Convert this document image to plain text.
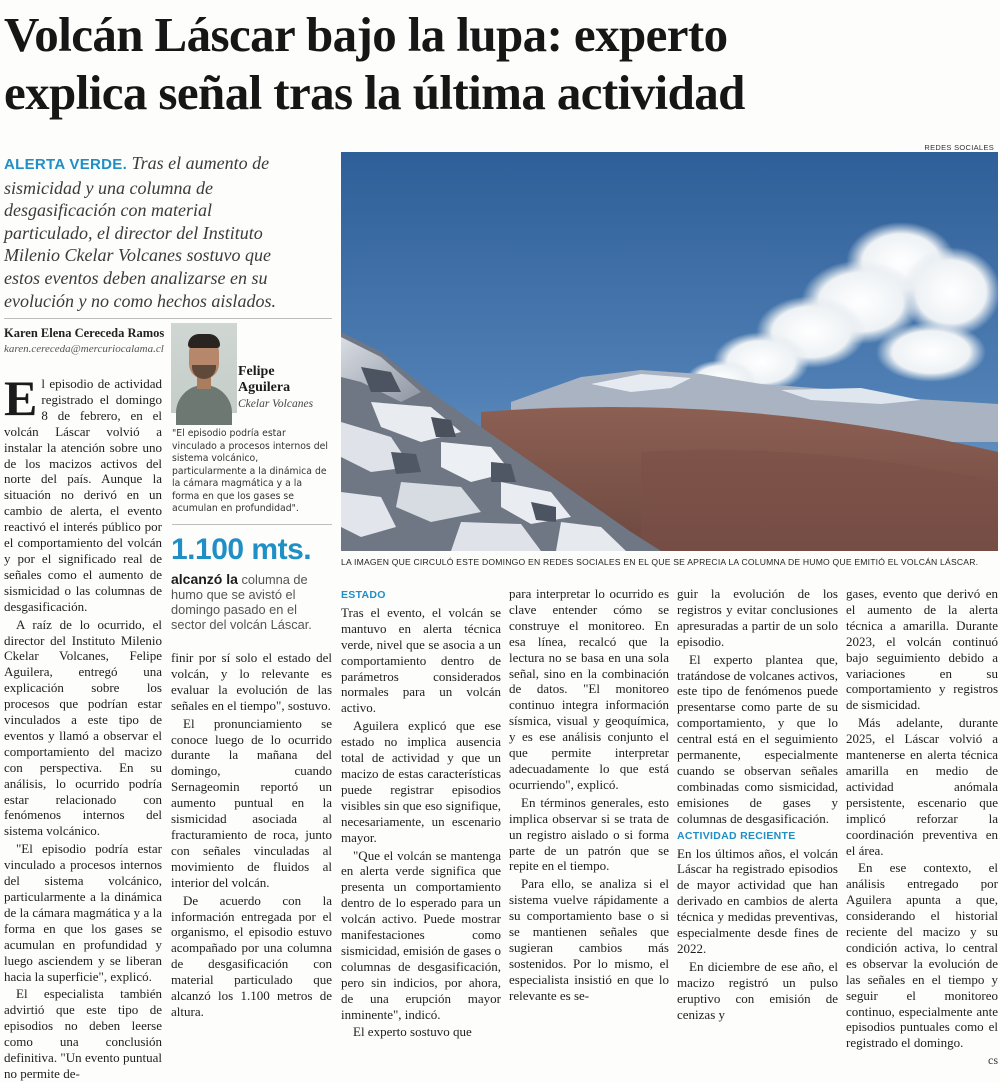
Volcán Láscar bajo la lupa: experto
explica señal tras la última actividad
ALERTA VERDE. Tras el aumento de sismicidad y una columna de desgasificación con material particulado, el director del Instituto Milenio Ckelar Volcanes sostuvo que estos eventos deben analizarse en su evolución y no como hechos aislados.
Karen Elena Cereceda Ramos
karen.cereceda@mercuriocalama.cl
Felipe Aguilera
Ckelar Volcanes
"El episodio podría estar vinculado a procesos internos del sistema volcánico, particularmente a la dinámica de la cámara magmática y a la forma en que los gases se acumulan en profundidad".
1.100 mts.
alcanzó la columna de humo que se avistó el domingo pasado en el sector del volcán Láscar.

El episodio de actividad registrado el domingo 8 de febrero, en el volcán Láscar volvió a instalar la atención sobre uno de los macizos activos del norte del país. Aunque la situación no derivó en un cambio de alerta, el evento reactivó el interés público por el comportamiento del volcán y por el significado real de señales como el aumento de sismicidad o las columnas de desgasificación.

A raíz de lo ocurrido, el director del Instituto Milenio Ckelar Volcanes, Felipe Aguilera, entregó una explicación sobre los procesos que podrían estar vinculados a este tipo de eventos y llamó a observar el comportamiento del macizo con perspectiva. En su análisis, lo ocurrido podría estar relacionado con fenómenos internos del sistema volcánico.

"El episodio podría estar vinculado a procesos internos del sistema volcánico, particularmente a la dinámica de la cámara magmática y a la forma en que los gases se acumulan en profundidad y luego asciendem y se liberan hacia la superficie", explicó.

El especialista también advirtió que este tipo de episodios no deben leerse como una conclusión definitiva. "Un evento puntual no permite de-

finir por sí solo el estado del volcán, y lo relevante es evaluar la evolución de las señales en el tiempo", sostuvo.

El pronunciamiento se conoce luego de lo ocurrido durante la mañana del domingo, cuando Sernageomin reportó un aumento puntual en la sismicidad asociada al fracturamiento de roca, junto con señales vinculadas al movimiento de fluidos al interior del volcán.

De acuerdo con la información entregada por el organismo, el episodio estuvo acompañado por una columna de desgasificación con material particulado que alcanzó los 1.100 metros de altura.

REDES SOCIALES
LA IMAGEN QUE CIRCULÓ ESTE DOMINGO EN REDES SOCIALES EN EL QUE SE APRECIA LA COLUMNA DE HUMO QUE EMITIÓ EL VOLCÁN LÁSCAR.
ESTADO

Tras el evento, el volcán se mantuvo en alerta técnica verde, nivel que se asocia a un comportamiento dentro de parámetros considerados normales para un volcán activo.

Aguilera explicó que ese estado no implica ausencia total de actividad y que un macizo de estas características puede registrar episodios visibles sin que eso signifique, necesariamente, un escenario mayor.

"Que el volcán se mantenga en alerta verde significa que presenta un comportamiento dentro de lo esperado para un volcán activo. Puede mostrar manifestaciones como sismicidad, emisión de gases o columnas de desgasificación, pero sin indicios, por ahora, de una erupción mayor inminente", indicó.

El experto sostuvo que

para interpretar lo ocurrido es clave entender cómo se construye el monitoreo. En esa línea, recalcó que la lectura no se basa en una sola señal, sino en la combinación de datos. "El monitoreo continuo integra información sísmica, visual y geoquímica, y es ese análisis conjunto el que permite interpretar adecuadamente lo que está ocurriendo", explicó.

En términos generales, esto implica observar si se trata de un registro aislado o si forma parte de un patrón que se repite en el tiempo.

Para ello, se analiza si el sistema vuelve rápidamente a su comportamiento base o si se mantienen señales que sugieran cambios más sostenidos. Por lo mismo, el especialista insistió en que lo relevante es se-

guir la evolución de los registros y evitar conclusiones apresuradas a partir de un solo episodio.

El experto plantea que, tratándose de volcanes activos, este tipo de fenómenos puede presentarse como parte de su comportamiento, y que lo central está en el seguimiento permanente, especialmente cuando se observan señales combinadas como sismicidad, emisiones de gases y columnas de desgasificación.

ACTIVIDAD RECIENTE

En los últimos años, el volcán Láscar ha registrado episodios de mayor actividad que han derivado en cambios de alerta técnica y medidas preventivas, especialmente desde fines de 2022.

En diciembre de ese año, el macizo registró un pulso eruptivo con emisión de cenizas y

gases, evento que derivó en el aumento de la alerta técnica a amarilla. Durante 2023, el volcán continuó bajo seguimiento debido a variaciones en su comportamiento y registros de sismicidad.

Más adelante, durante 2025, el Láscar volvió a mantenerse en alerta técnica amarilla en medio de actividad anómala persistente, escenario que implicó reforzar la coordinación preventiva en el área.

En ese contexto, el análisis entregado por Aguilera apunta a que, considerando el historial reciente del macizo y su condición activa, lo central es observar la evolución de las señales en el tiempo y seguir el monitoreo continuo, especialmente ante episodios puntuales como el registrado el domingo.

cs
